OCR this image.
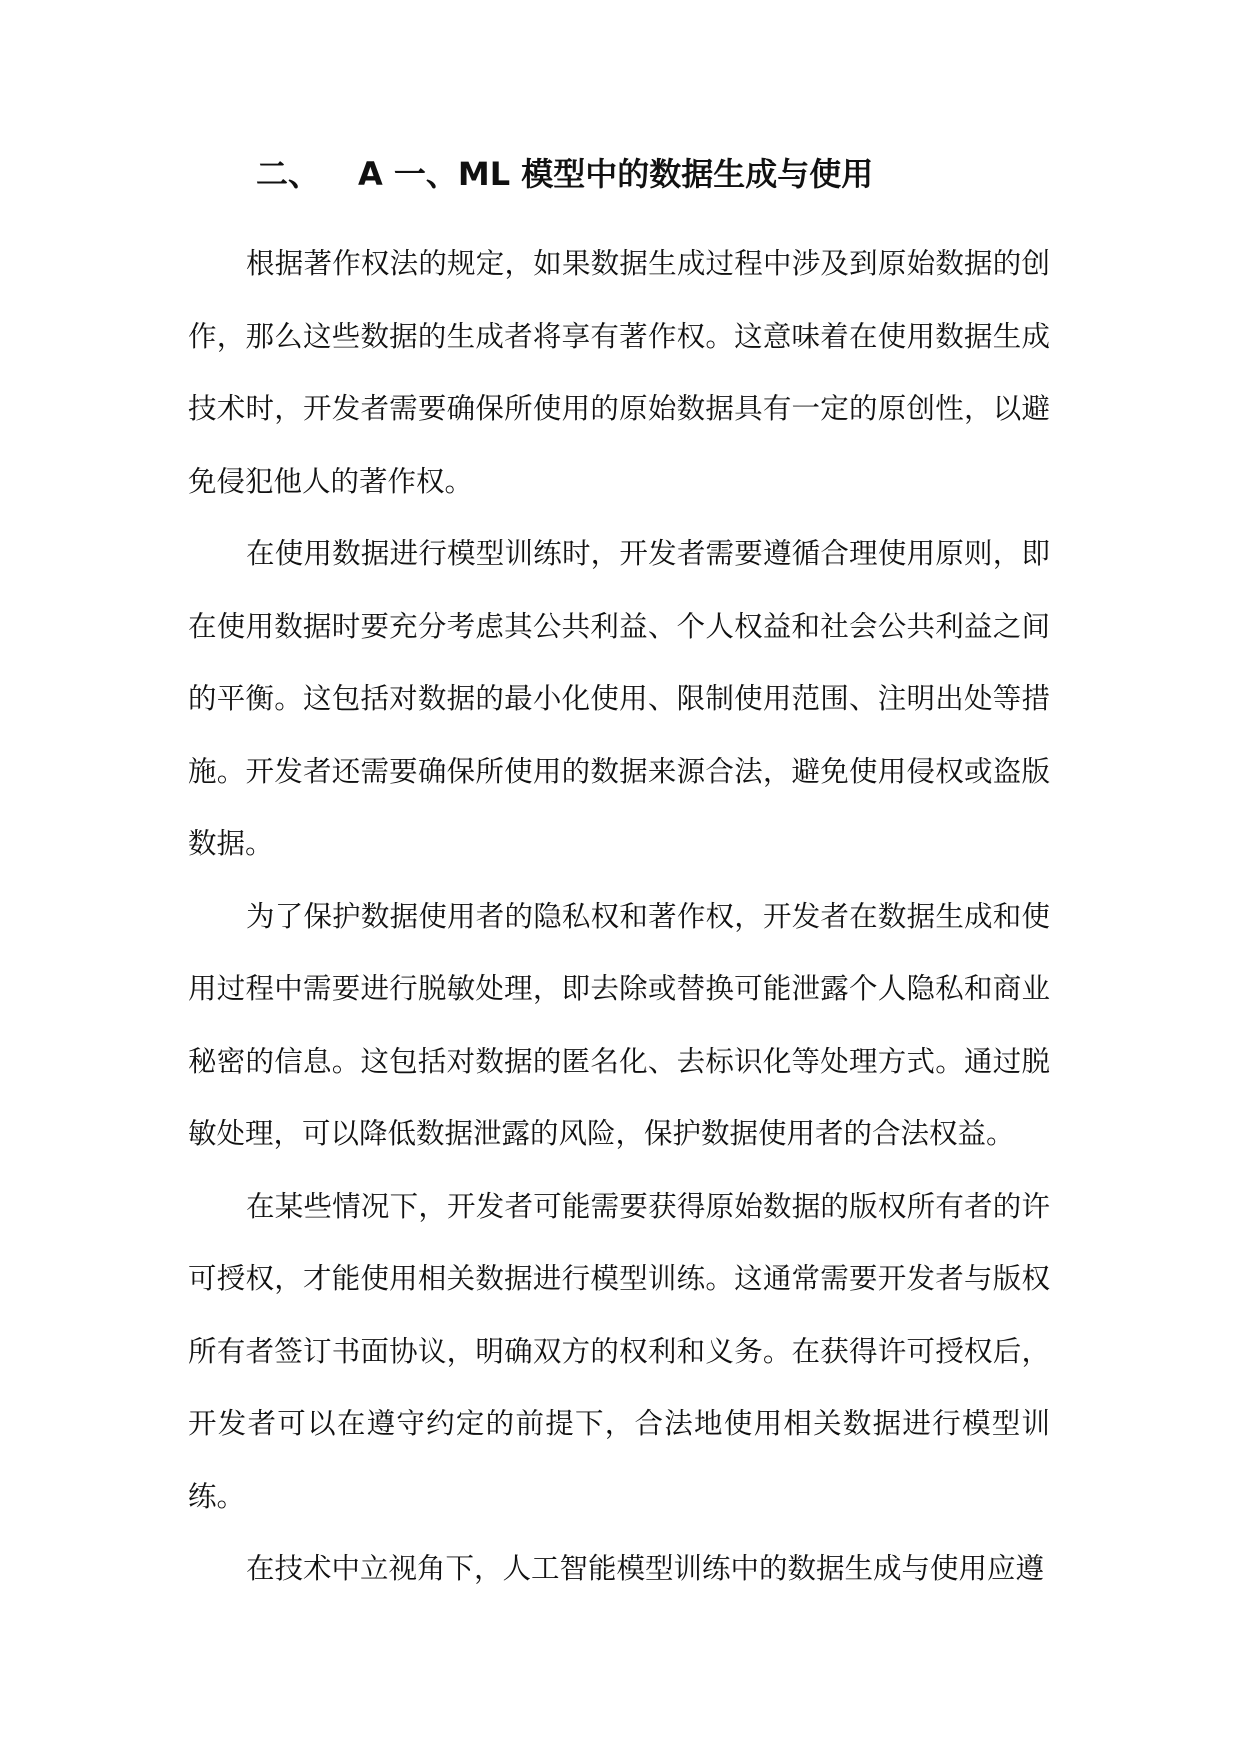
二、 A 一、ML 模型中的数据生成与使用

根据著作权法的规定，如果数据生成过程中涉及到原始数据的创作，那么这些数据的生成者将享有著作权。这意味着在使用数据生成技术时，开发者需要确保所使用的原始数据具有一定的原创性，以避免侵犯他人的著作权。

在使用数据进行模型训练时，开发者需要遵循合理使用原则，即在使用数据时要充分考虑其公共利益、个人权益和社会公共利益之间的平衡。这包括对数据的最小化使用、限制使用范围、注明出处等措施。开发者还需要确保所使用的数据来源合法，避免使用侵权或盗版数据。

为了保护数据使用者的隐私权和著作权，开发者在数据生成和使用过程中需要进行脱敏处理，即去除或替换可能泄露个人隐私和商业秘密的信息。这包括对数据的匿名化、去标识化等处理方式。通过脱敏处理，可以降低数据泄露的风险，保护数据使用者的合法权益。

在某些情况下，开发者可能需要获得原始数据的版权所有者的许可授权，才能使用相关数据进行模型训练。这通常需要开发者与版权所有者签订书面协议，明确双方的权利和义务。在获得许可授权后，开发者可以在遵守约定的前提下，合法地使用相关数据进行模型训练。

在技术中立视角下，人工智能模型训练中的数据生成与使用应遵
